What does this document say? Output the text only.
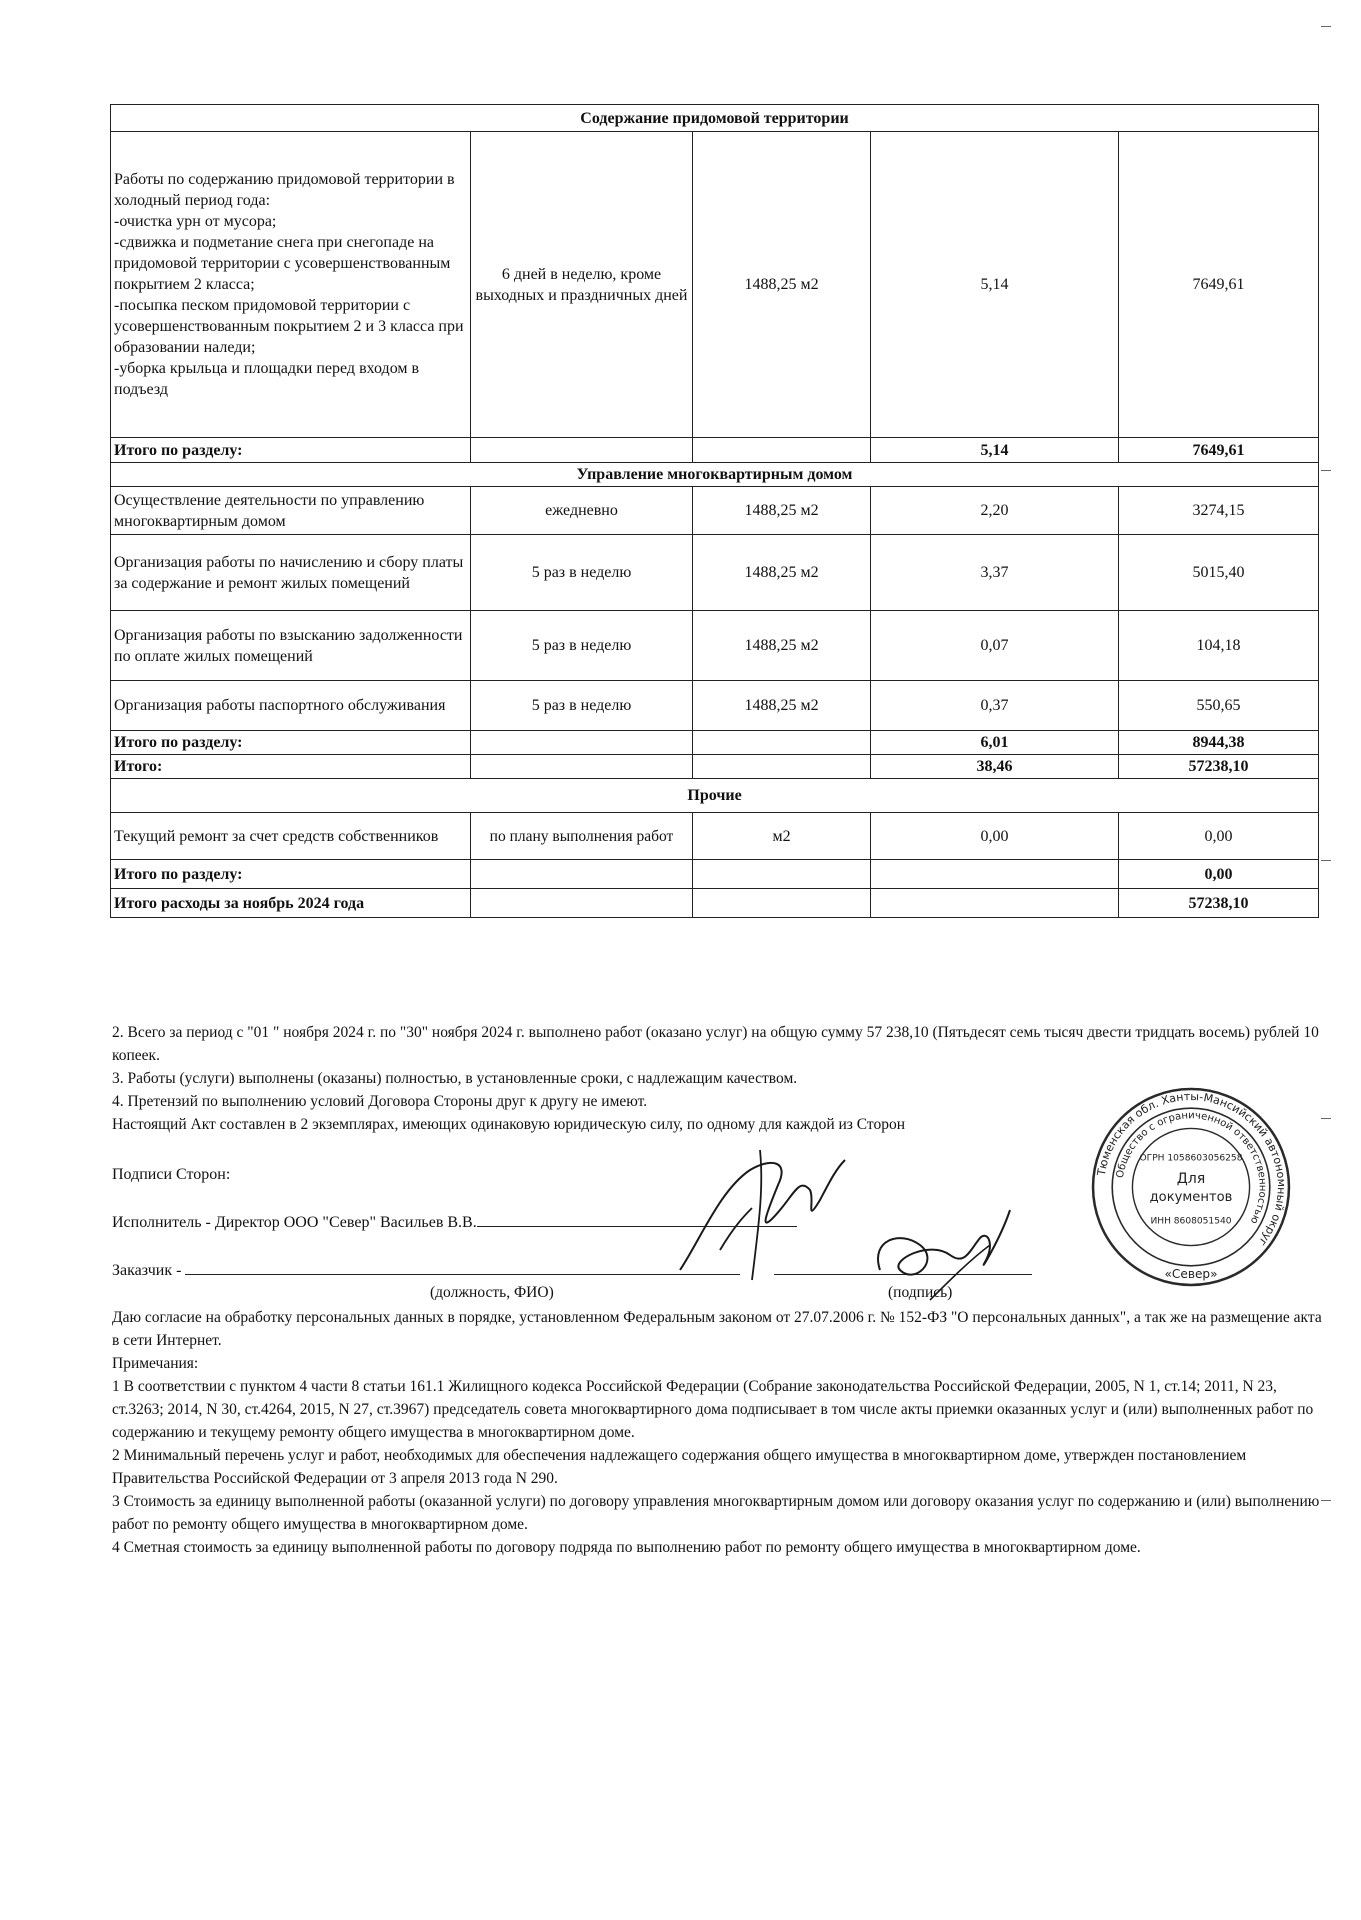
Содержание придомовой территории				
Работы по содержанию придомовой территории в холодный период года:
-очистка урн от мусора;
-сдвижка и подметание снега при снегопаде на придомовой территории с усовершенствованным покрытием 2 класса;
-посыпка песком придомовой территории с усовершенствованным покрытием 2 и 3 класса при образовании наледи;
-уборка крыльца и площадки перед входом в подъезд	6 дней в неделю, кроме выходных и праздничных дней	1488,25 м2	5,14	7649,61
Итого по разделу:			5,14	7649,61
Управление многоквартирным домом				
Осуществление деятельности по управлению многоквартирным домом	ежедневно	1488,25 м2	2,20	3274,15
Организация работы по начислению и сбору платы за содержание и ремонт жилых помещений	5 раз в неделю	1488,25 м2	3,37	5015,40
Организация работы по взысканию задолженности по оплате жилых помещений	5 раз в неделю	1488,25 м2	0,07	104,18
Организация работы паспортного обслуживания	5 раз в неделю	1488,25 м2	0,37	550,65
Итого по разделу:			6,01	8944,38
Итого:			38,46	57238,10
Прочие				
Текущий ремонт за счет средств собственников	по плану выполнения работ	м2	0,00	0,00
Итого по разделу:				0,00
Итого расходы за ноябрь 2024 года				57238,10

2. Всего за период с "01 " ноября 2024 г. по "30" ноября 2024 г. выполнено работ (оказано услуг) на общую сумму 57 238,10 (Пятьдесят семь тысяч двести тридцать восемь) рублей 10 копеек.

3. Работы (услуги) выполнены (оказаны) полностью, в установленные сроки, с надлежащим качеством.

4. Претензий по выполнению условий Договора Стороны друг к другу не имеют.

Настоящий Акт составлен в 2 экземплярах, имеющих одинаковую юридическую силу, по одному для каждой из Сторон

Подписи Сторон:
Исполнитель - Директор ООО "Север" Васильев В.В.
Заказчик -
(должность, ФИО)	(подпись)

Даю согласие на обработку персональных данных в порядке, установленном Федеральным законом от 27.07.2006 г. № 152-ФЗ "О персональных данных", а так же на размещение акта в сети Интернет.

Примечания:

1 В соответствии с пунктом 4 части 8 статьи 161.1 Жилищного кодекса Российской Федерации (Собрание законодательства Российской Федерации, 2005, N 1, ст.14; 2011, N 23, ст.3263; 2014, N 30, ст.4264, 2015, N 27, ст.3967) председатель совета многоквартирного дома подписывает в том числе акты приемки оказанных услуг и (или) выполненных работ по содержанию и текущему ремонту общего имущества в многоквартирном доме.

2 Минимальный перечень услуг и работ, необходимых для обеспечения надлежащего содержания общего имущества в многоквартирном доме, утвержден постановлением Правительства Российской Федерации от 3 апреля 2013 года N 290.

3 Стоимость за единицу выполненной работы (оказанной услуги) по договору управления многоквартирным домом или договору оказания услуг по содержанию и (или) выполнению работ по ремонту общего имущества в многоквартирном доме.

4 Сметная стоимость за единицу выполненной работы по договору подряда по выполнению работ по ремонту общего имущества в многоквартирном доме.

Тюменская обл. Ханты-Мансийский автономный округ
Общество с ограниченной ответственностью
ОГРН 1058603056258
Для
документов
ИНН 8608051540
«Север»
